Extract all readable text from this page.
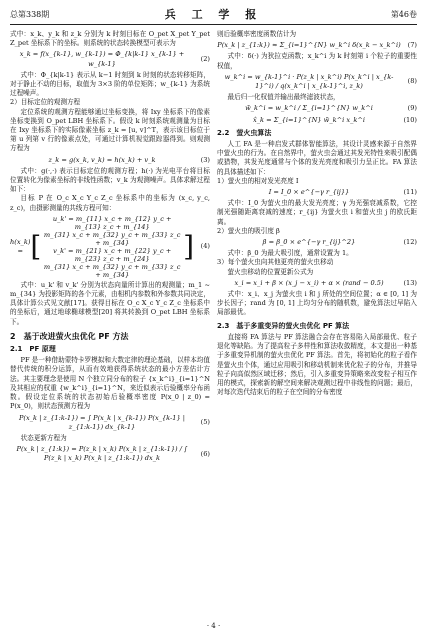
总第338期	兵 工 学 报	第46卷

式中：x_k、y_k 和 z_k 分别为 k 时刻目标在 O_pet X_pet Y_pet Z_pet 坐标系下的坐标。则系统的状态转换模型可表示为

x_k = f(x_{k-1}, w_{k-1}) = Φ_{k|k-1} x_{k-1} + w_{k-1}
(2)

式中：Φ_{k|k-1} 表示从 k−1 时刻到 k 时刻的状态转移矩阵，对于静止不动的目标，取值为 3×3 阶的单位矩阵；w_{k-1} 为系统过程噪声。

2）目标定位的观测方程

定位系统的观测方程能够通过坐标变换，将 Ixy 坐标系下的像素坐标变换到 O_pet LBH 坐标系下。假设 k 时刻系统观测量为目标在 Ixy 坐标系下的实际像素坐标 z_k = [u, v]^T，表示该目标位于第 u 列第 v 行的像素点处，可通过计算机视觉跟踪器得到。则观测方程为

z_k = g(x_k, v_k) = h(x_k) + v_k	(3)

式中：g(·,·) 表示目标定位的观测方程；h(·) 为光电平台将目标位置转化为像素坐标的非线性函数；v_k 为观测噪声。具体求解过程如下：

目标 P 在 O_c X_c Y_c Z_c 坐标系中的坐标为 (x_c, y_c, z_c)，由摄影测量的共线方程可知：

h(x_k) = [
u_k' = m_{11} x_c + m_{12} y_c + m_{13} z_c + m_{14}
m_{31} x_c + m_{32} y_c + m_{33} z_c + m_{34}
v_k' = m_{21} x_c + m_{22} y_c + m_{23} z_c + m_{24}
m_{31} x_c + m_{32} y_c + m_{33} z_c + m_{34}
]	(4)

式中：u_k' 和 v_k' 分别为状态向量所计算出的观测量；m_1 ~ m_{34} 为投影矩阵的各个元素，由相机内参数和外参数共同决定，具体计算公式见文献[17]。获得目标在 O_c X_c Y_c Z_c 坐标系中的坐标后，通过地球椭球模型[20] 将其转换到 O_pet LBH 坐标系下。

2　基于改进萤火虫优化 PF 方法
2.1　PF 原理

PF 是一种借助蒙特卡罗模拟和大数定律的理论基础，以样本均值替代传统的积分运算，从而有效地获得系统状态的最小方差估计方法。其主要理念是使用 N 个独立同分布的粒子 {x_k^i}_{i=1}^N 及其相应的权重 {w_k^i}_{i=1}^N，来近似表示后验概率分布函数。假设定位系统的状态初始后验概率密度 P(x_0 | z_0) = P(x_0)，则状态预测方程为

P(x_k | z_{1:k-1}) = ∫ P(x_k | x_{k-1}) P(x_{k-1} | z_{1:k-1}) dx_{k-1}
(5)

状态更新方程为

P(x_k | z_{1:k}) = P(z_k | x_k) P(x_k | z_{1:k-1}) / ∫ P(z_k | x_k) P(x_k | z_{1:k-1}) dx_k
(6)

则后验概率密度函数估计为

P(x_k | z_{1:k}) ≈ Σ_{i=1}^{N} w_k^i δ(x_k − x_k^i)	(7)

式中：δ(·) 为狄拉克函数；x_k^i 为 k 时刻第 i 个粒子的重要性权值，

w_k^i = w_{k-1}^i · P(z_k | x_k^i) P(x_k^i | x_{k-1}^i) / q(x_k^i | x_{k-1}^i, z_k)
(8)

最后归一化权值并输出最终滤波状态，

w̃_k^i = w_k^i / Σ_{i=1}^{N} w_k^i	(9)
x̂_k = Σ_{i=1}^{N} w̃_k^i x_k^i	(10)
2.2　萤火虫算法

人工 FA 是一种启发式群体智能算法，其设计灵感来源于自然界中萤火虫的行为。在自然界中，萤火虫会通过其发光特性来吸引配偶或猎物，其发光度通常与个体的发光亮度和吸引力呈正比。FA 算法的具体描述如下：

1）萤火虫的相对发光亮度 I

I = I_0 × e^{−γ r_{ij}}	(11)

式中：I_0 为萤火虫的最大发光亮度；γ 为光强衰减系数，它控制光强随距离衰减的速度；r_{ij} 为萤火虫 i 和萤火虫 j 的欧氏距离。

2）萤火虫的吸引度 β

β = β_0 × e^{−γ r_{ij}^2}	(12)

式中：β_0 为最大吸引度，通常设置为 1。

3）每个萤火虫向其他更亮的萤火虫移动

萤火虫移动的位置更新公式为

x_i = x_i + β × (x_j − x_i) + α × (rand − 0.5)	(13)

式中：x_i、x_j 为萤火虫 i 和 j 所处的空间位置；α ∈ [0, 1] 为步长因子；rand 为 [0, 1] 上均匀分布的随机数，避免算法过早陷入局部最优。

2.3　基于多重变异的萤火虫优化 PF 算法

直接将 FA 算法与 PF 算法融合会存在容易陷入局部最优、粒子退化等缺陷。为了提高粒子多样性和算法收敛精度，本文提出一种基于多重变异机制的萤火虫优化 PF 算法。首先，将初始化的粒子看作是萤火虫个体，通过应用吸引和移动机制来优化粒子的分布，并推导粒子向高似然区域迁移；然后，引入多重变异策略来改变粒子相互作用的模式，探索新的解空间来解决观测过程中非线性的问题；最后，对每次迭代结束后的粒子在空间的分布密度

· 4 ·
